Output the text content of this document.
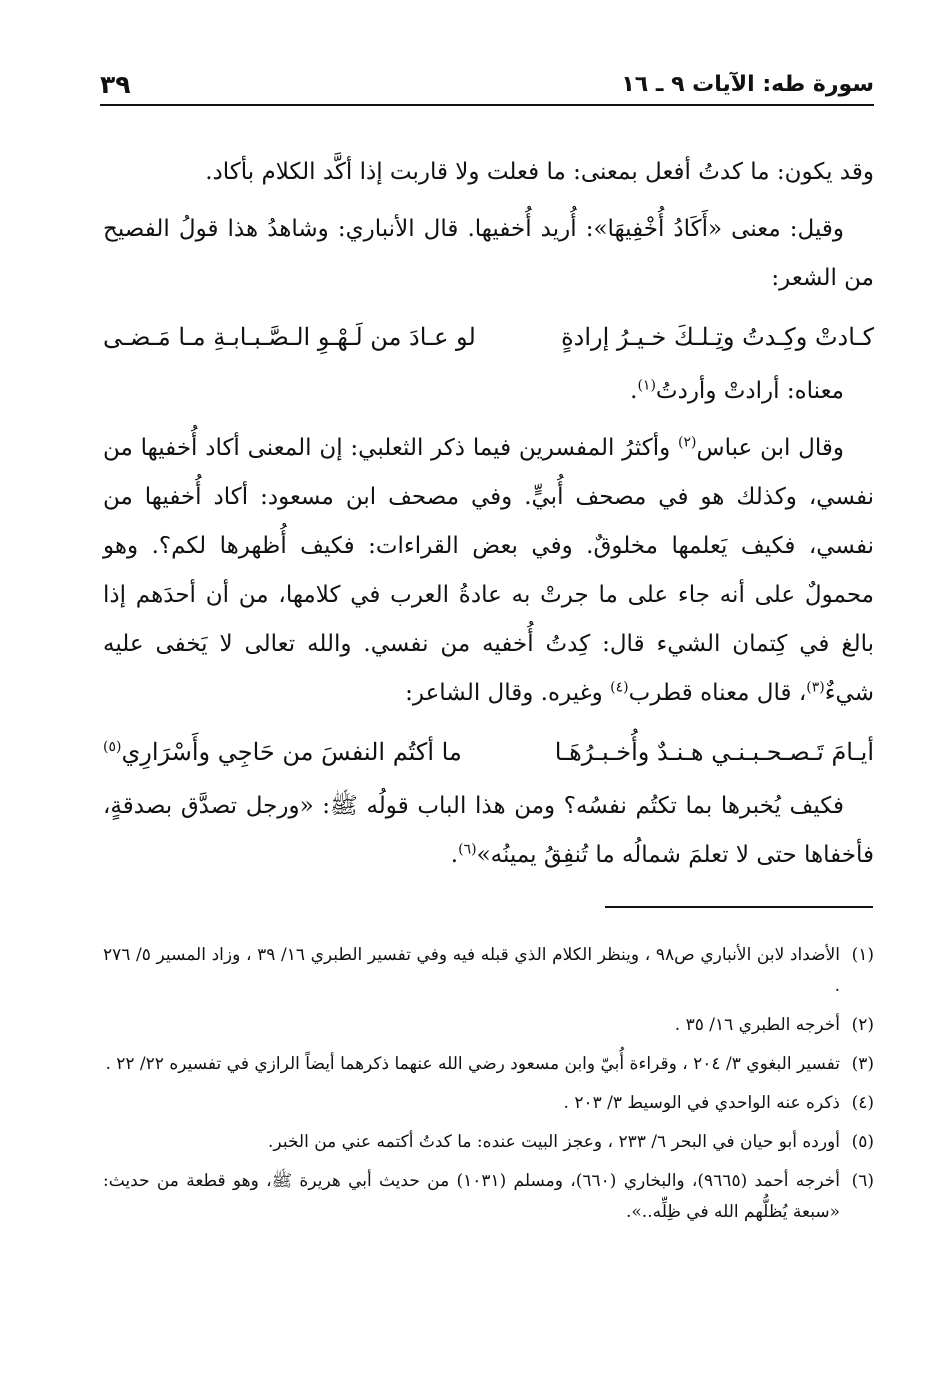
سورة طه: الآيات ٩ ـ ١٦
٣٩

وقد يكون: ما كدتُ أفعل بمعنى: ما فعلت ولا قاربت إذا أكَّد الكلام بأكاد.

وقيل: معنى «أَكَادُ أُخْفِيهَا»: أُريد أُخفيها. قال الأنباري: وشاهدُ هذا قولُ الفصيح من الشعر:

كـادتْ وكِـدتُ وتِـلـكَ خـيـرُ إرادةٍ
لو عـادَ من لَـهْـوِ الـصَّـبـابـةِ مـا مَـضـى

معناه: أرادتْ وأردتُ$^{(١)}$.

وقال ابن عباس$^{(٢)}$ وأكثرُ المفسرين فيما ذكر الثعلبي: إن المعنى أكاد أُخفيها من نفسي، وكذلك هو في مصحف أُبيٍّ. وفي مصحف ابن مسعود: أكاد أُخفيها من نفسي، فكيف يَعلمها مخلوقٌ. وفي بعض القراءات: فكيف أُظهرها لكم؟. وهو محمولٌ على أنه جاء على ما جرتْ به عادةُ العرب في كلامها، من أن أحدَهم إذا بالغ في كِتمان الشيء قال: كِدتُ أُخفيه من نفسي. والله تعالى لا يَخفى عليه شيءٌ$^{(٣)}$، قال معناه قطرب$^{(٤)}$ وغيره. وقال الشاعر:

أيـامَ تَـصـحـبـنـي هـنـدٌ وأُخـبـرُهَـا
ما أكتُم النفسَ من حَاجِي وأَسْرَارِي$^{(٥)}$

فكيف يُخبرها بما تكتُم نفسُه؟ ومن هذا الباب قولُه ﷺ: «ورجل تصدَّق بصدقةٍ، فأخفاها حتى لا تعلمَ شمالُه ما تُنفِقُ يمينُه»$^{(٦)}$.

(١)
الأضداد لابن الأنباري ص٩٨ ، وينظر الكلام الذي قبله فيه وفي تفسير الطبري ١٦/ ٣٩ ، وزاد المسير ٥/ ٢٧٦ .
(٢)
أخرجه الطبري ١٦/ ٣٥ .
(٣)
تفسير البغوي ٣/ ٢٠٤ ، وقراءة أُبيّ وابن مسعود رضي الله عنهما ذكرهما أيضاً الرازي في تفسيره ٢٢/ ٢٢ .
(٤)
ذكره عنه الواحدي في الوسيط ٣/ ٢٠٣ .
(٥)
أورده أبو حيان في البحر ٦/ ٢٣٣ ، وعجز البيت عنده: ما كدتُ أكتمه عني من الخبر.
(٦)
أخرجه أحمد (٩٦٦٥)، والبخاري (٦٦٠)، ومسلم (١٠٣١) من حديث أبي هريرة ﷺ، وهو قطعة من حديث: «سبعة يُظلُّهم الله في ظِلِّه..».
